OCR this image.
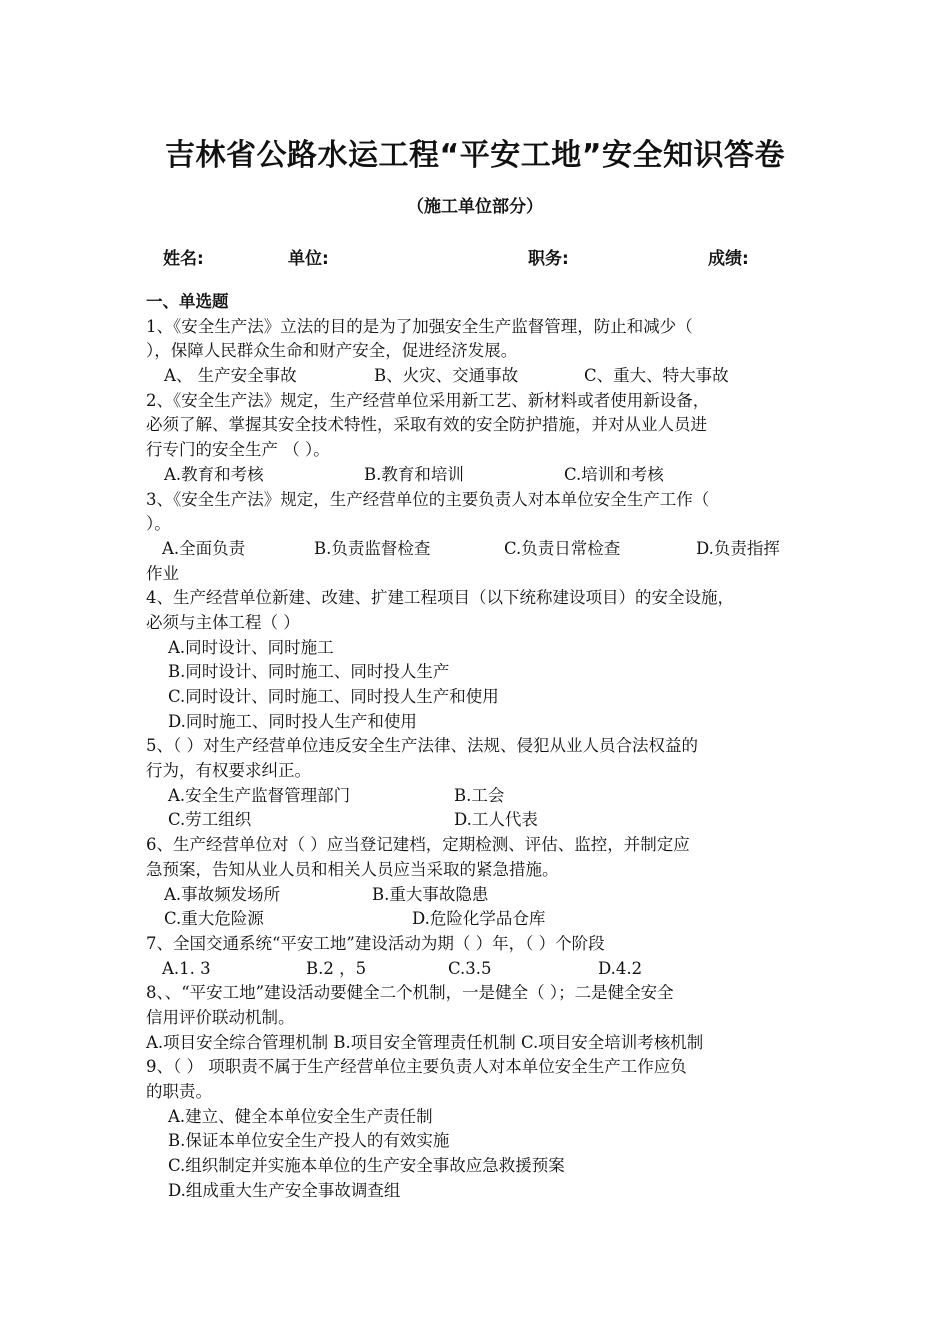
吉林省公路水运工程“平安工地”安全知识答卷
（施工单位部分）
姓名:	单位:	职务:	成绩:
一、单选题
1、《安全生产法》立法的目的是为了加强安全生产监督管理，防止和减少（
），保障人民群众生命和财产安全，促进经济发展。

A、 生产安全事故

	B、火灾、交通事故

	C、重大、特大事故

2、《安全生产法》规定，生产经营单位采用新工艺、新材料或者使用新设备，
必须了解、掌握其安全技术特性，采取有效的安全防护措施，并对从业人员进
行专门的安全生产 （ ）。

A.教育和考核

	B.教育和培训

	C.培训和考核

3、《安全生产法》规定，生产经营单位的主要负责人对本单位安全生产工作（
）。

A.全面负责

	B.负责监督检查

	C.负责日常检查

	D.负责指挥

作业
4、生产经营单位新建、改建、扩建工程项目（以下统称建设项目）的安全设施，
必须与主体工程（ ）
A.同时设计、同时施工
B.同时设计、同时施工、同时投人生产
C.同时设计、同时施工、同时投人生产和使用
D.同时施工、同时投人生产和使用
5、（ ）对生产经营单位违反安全生产法律、法规、侵犯从业人员合法权益的
行为，有权要求纠正。

A.安全生产监督管理部门

	B.工会

C.劳工组织

	D.工人代表

6、生产经营单位对（ ）应当登记建档，定期检测、评估、监控，并制定应
急预案，告知从业人员和相关人员应当采取的紧急措施。

A.事故频发场所

	B.重大事故隐患

C.重大危险源

	D.危险化学品仓库

7、全国交通系统“平安工地”建设活动为期（ ）年，（ ）个阶段

A.1. 3

	B.2 ，5

	C.3.5

	D.4.2

8、、“平安工地”建设活动要健全二个机制，一是健全（ ）；二是健全安全
信用评价联动机制。
A.项目安全综合管理机制 B.项目安全管理责任机制 C.项目安全培训考核机制
9、（ ） 项职责不属于生产经营单位主要负责人对本单位安全生产工作应负
的职责。
A.建立、健全本单位安全生产责任制
B.保证本单位安全生产投人的有效实施
C.组织制定并实施本单位的生产安全事故应急救援预案
D.组成重大生产安全事故调查组
